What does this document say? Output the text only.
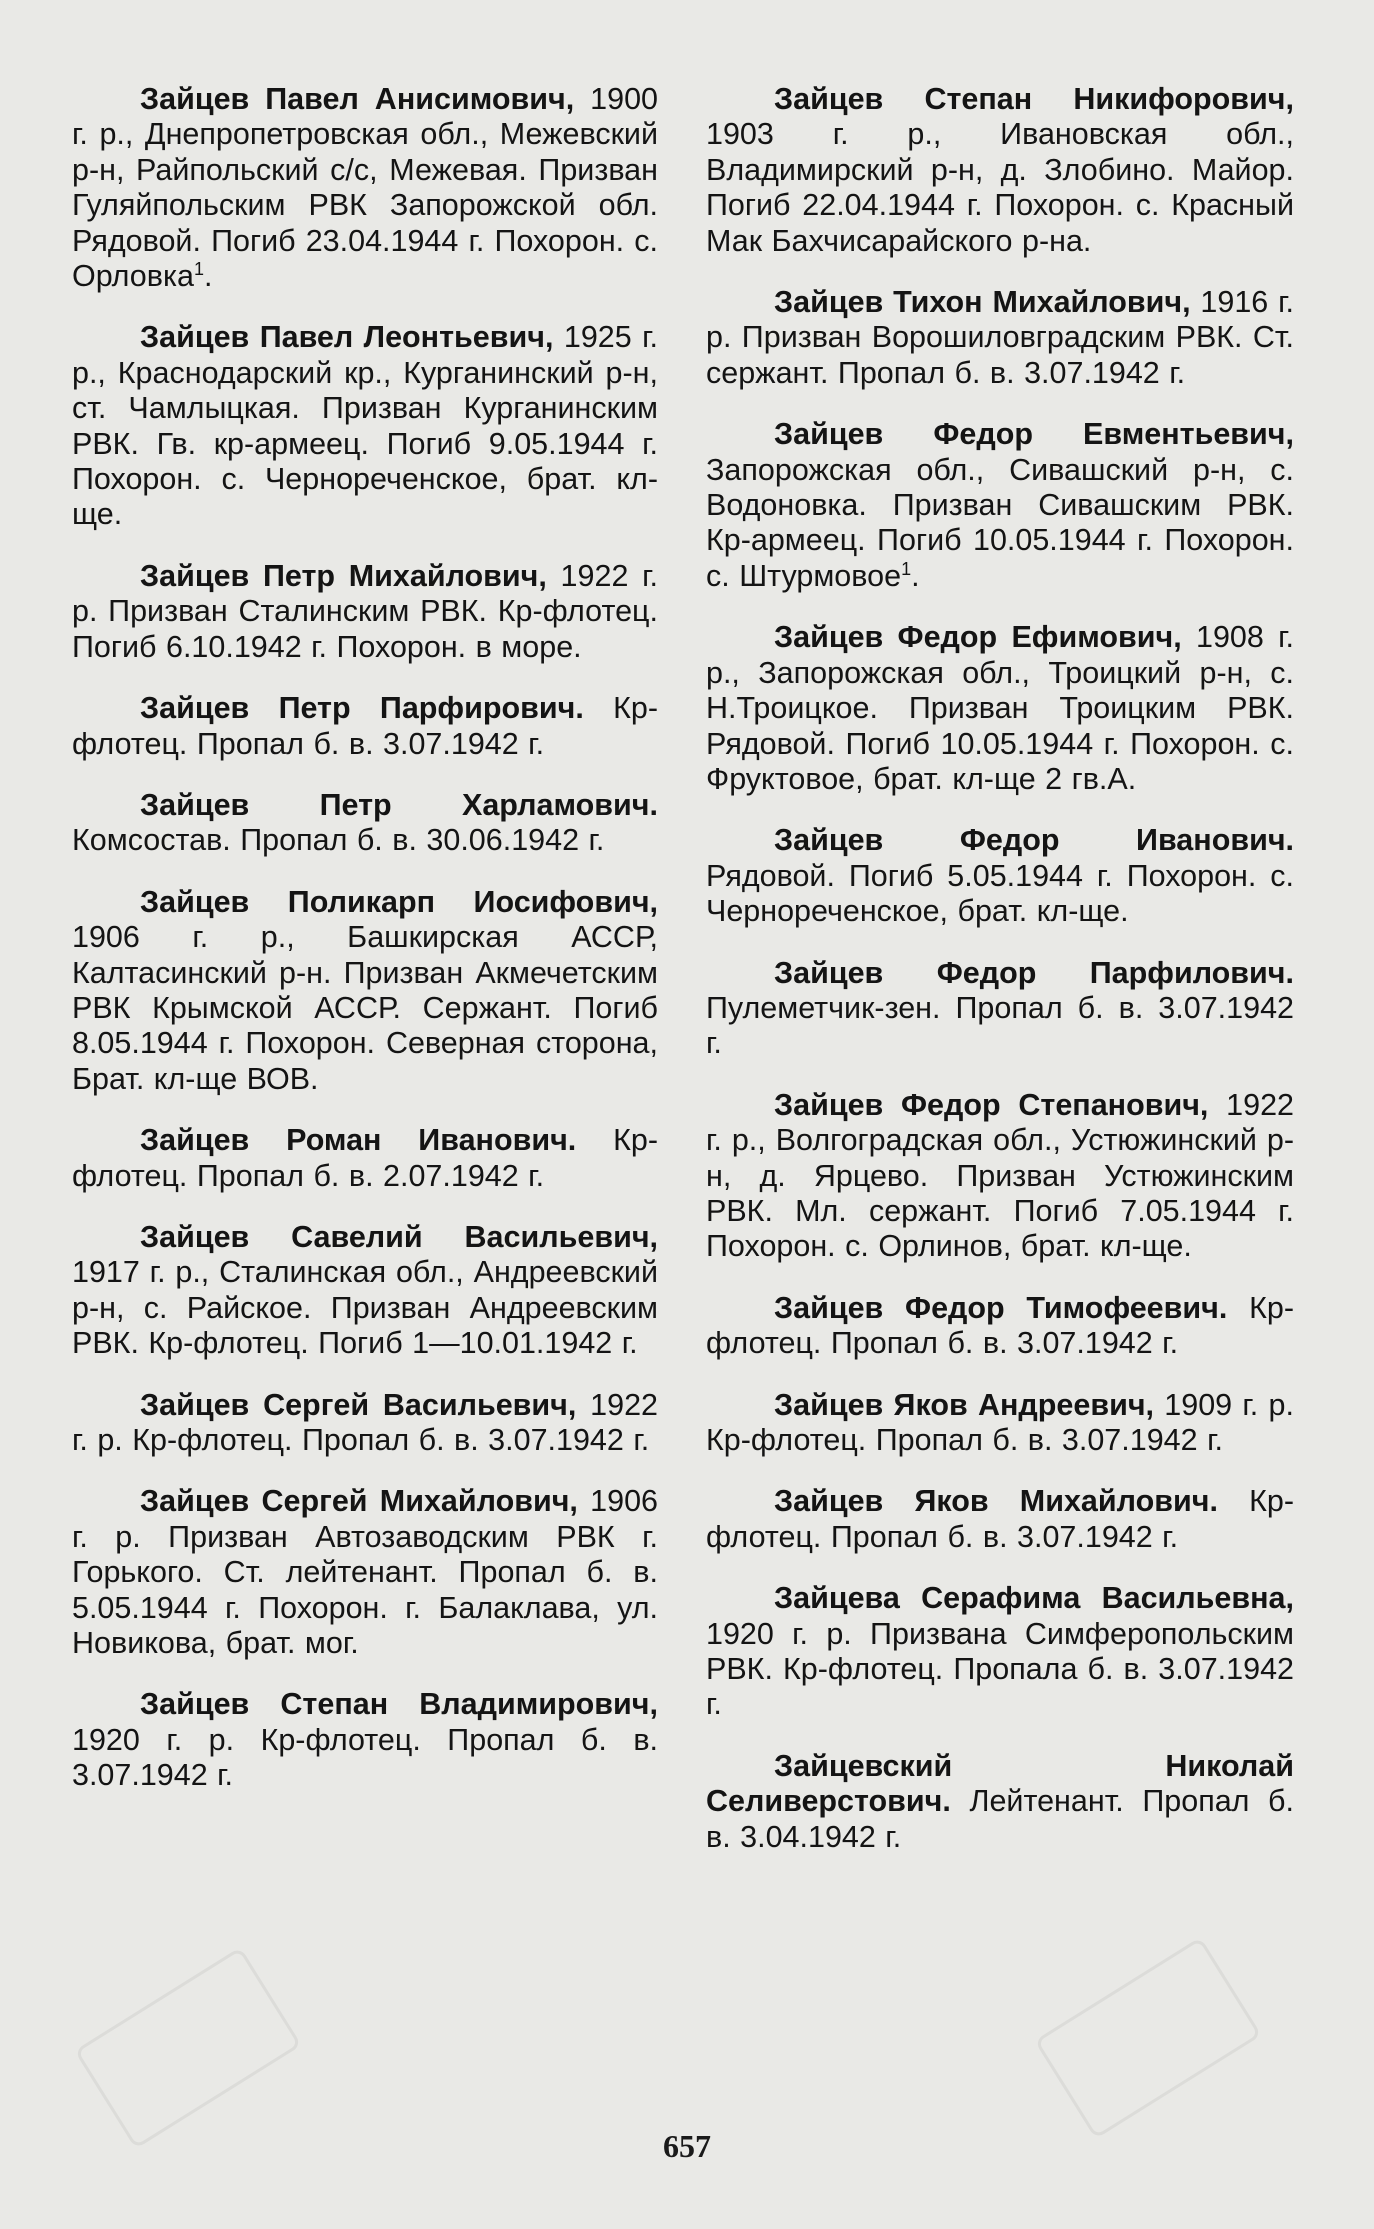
Зайцев Павел Анисимович, 1900 г. р., Днепропетровская обл., Межевский р-н, Райпольский с/с, Межевая. Призван Гуляйпольским РВК Запорожской обл. Рядовой. Погиб 23.04.1944 г. Похорон. с. Орловка$^1$.

Зайцев Павел Леонтьевич, 1925 г. р., Краснодарский кр., Курганинский р-н, ст. Чамлыцкая. Призван Курганинским РВК. Гв. кр-армеец. Погиб 9.05.1944 г. Похорон. с. Чернореченское, брат. кл-ще.

Зайцев Петр Михайлович, 1922 г. р. Призван Сталинским РВК. Кр-флотец. Погиб 6.10.1942 г. Похорон. в море.

Зайцев Петр Парфирович. Кр-флотец. Пропал б. в. 3.07.1942 г.

Зайцев Петр Харламович. Комсостав. Пропал б. в. 30.06.1942 г.

Зайцев Поликарп Иосифович, 1906 г. р., Башкирская АССР, Калтасинский р-н. Призван Акмечетским РВК Крымской АССР. Сержант. Погиб 8.05.1944 г. Похорон. Северная сторона, Брат. кл-ще ВОВ.

Зайцев Роман Иванович. Кр-флотец. Пропал б. в. 2.07.1942 г.

Зайцев Савелий Васильевич, 1917 г. р., Сталинская обл., Андреевский р-н, с. Райское. Призван Андреевским РВК. Кр-флотец. Погиб 1—10.01.1942 г.

Зайцев Сергей Васильевич, 1922 г. р. Кр-флотец. Пропал б. в. 3.07.1942 г.

Зайцев Сергей Михайлович, 1906 г. р. Призван Автозаводским РВК г. Горького. Ст. лейтенант. Пропал б. в. 5.05.1944 г. Похорон. г. Балаклава, ул. Новикова, брат. мог.

Зайцев Степан Владимирович, 1920 г. р. Кр-флотец. Пропал б. в. 3.07.1942 г.

Зайцев Степан Никифорович, 1903 г. р., Ивановская обл., Владимирский р-н, д. Злобино. Майор. Погиб 22.04.1944 г. Похорон. с. Красный Мак Бахчисарайского р-на.

Зайцев Тихон Михайлович, 1916 г. р. Призван Ворошиловградским РВК. Ст. сержант. Пропал б. в. 3.07.1942 г.

Зайцев Федор Евментьевич, Запорожская обл., Сивашский р-н, с. Водоновка. Призван Сивашским РВК. Кр-армеец. Погиб 10.05.1944 г. Похорон. с. Штурмовое$^1$.

Зайцев Федор Ефимович, 1908 г. р., Запорожская обл., Троицкий р-н, с. Н.Троицкое. Призван Троицким РВК. Рядовой. Погиб 10.05.1944 г. Похорон. с. Фруктовое, брат. кл-ще 2 гв.А.

Зайцев Федор Иванович. Рядовой. Погиб 5.05.1944 г. Похорон. с. Чернореченское, брат. кл-ще.

Зайцев Федор Парфилович. Пулеметчик-зен. Пропал б. в. 3.07.1942 г.

Зайцев Федор Степанович, 1922 г. р., Волгоградская обл., Устюжинский р-н, д. Ярцево. Призван Устюжинским РВК. Мл. сержант. Погиб 7.05.1944 г. Похорон. с. Орлинов, брат. кл-ще.

Зайцев Федор Тимофеевич. Кр-флотец. Пропал б. в. 3.07.1942 г.

Зайцев Яков Андреевич, 1909 г. р. Кр-флотец. Пропал б. в. 3.07.1942 г.

Зайцев Яков Михайлович. Кр-флотец. Пропал б. в. 3.07.1942 г.

Зайцева Серафима Васильевна, 1920 г. р. Призвана Симферопольским РВК. Кр-флотец. Пропала б. в. 3.07.1942 г.

Зайцевский Николай Селиверстович. Лейтенант. Пропал б. в. 3.04.1942 г.

657
